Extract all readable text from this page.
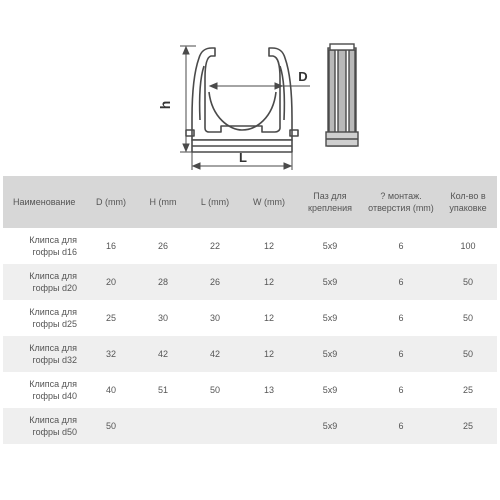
h
D
L
Наименование	D (mm)	H (mm	L (mm)	W (mm)	Паз для крепления	? монтаж. отверстия (mm)	Кол-во в упаковке
Клипса для гофры d16	16	26	22	12	5x9	6	100
Клипса для гофры d20	20	28	26	12	5x9	6	50
Клипса для гофры d25	25	30	30	12	5x9	6	50
Клипса для гофры d32	32	42	42	12	5x9	6	50
Клипса для гофры d40	40	51	50	13	5x9	6	25
Клипса для гофры d50	50				5x9	6	25
